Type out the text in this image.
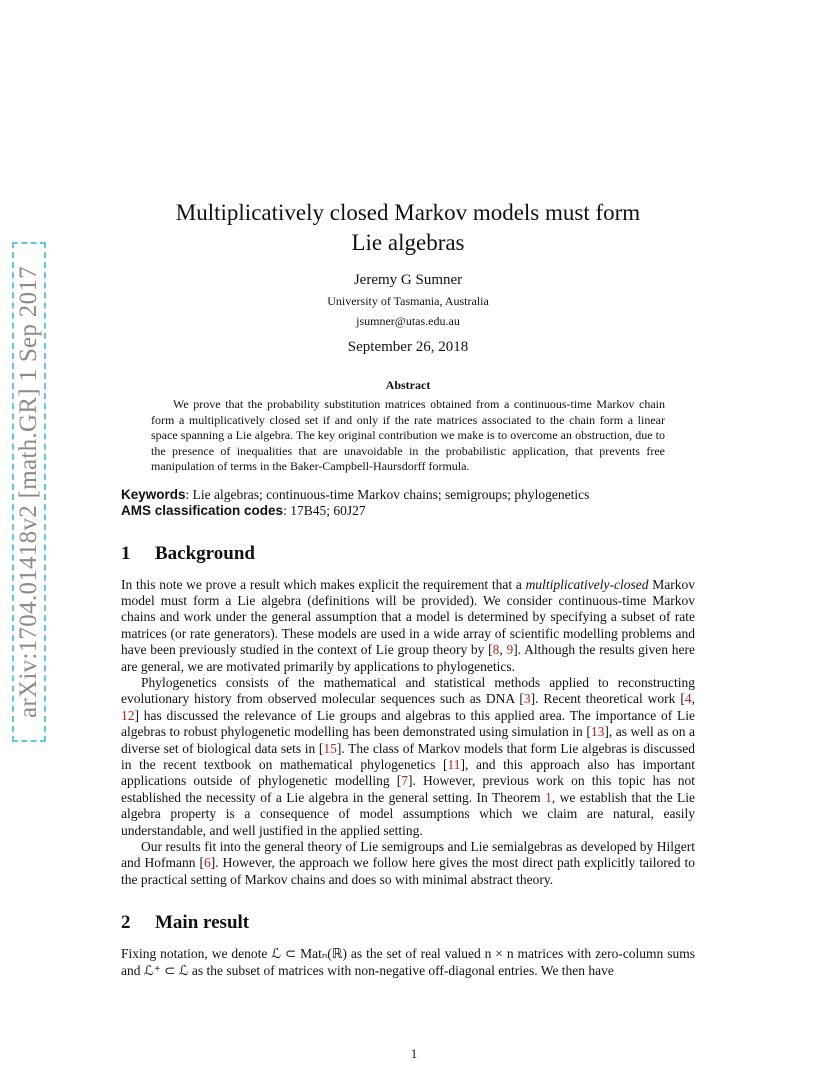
arXiv:1704.01418v2 [math.GR] 1 Sep 2017
Multiplicatively closed Markov models must form
Lie algebras
Jeremy G Sumner
University of Tasmania, Australia
jsumner@utas.edu.au
September 26, 2018
Abstract
We prove that the probability substitution matrices obtained from a continuous-time Markov chain form a multiplicatively closed set if and only if the rate matrices associated to the chain form a linear space spanning a Lie algebra. The key original contribution we make is to overcome an obstruction, due to the presence of inequalities that are unavoidable in the probabilistic application, that prevents free manipulation of terms in the Baker-Campbell-Haursdorff formula.
Keywords: Lie algebras; continuous-time Markov chains; semigroups; phylogenetics
AMS classification codes: 17B45; 60J27
1 Background

In this note we prove a result which makes explicit the requirement that a multiplicatively-closed Markov model must form a Lie algebra (definitions will be provided). We consider continuous-time Markov chains and work under the general assumption that a model is determined by specifying a subset of rate matrices (or rate generators). These models are used in a wide array of scientific modelling problems and have been previously studied in the context of Lie group theory by [8, 9]. Although the results given here are general, we are motivated primarily by applications to phylogenetics.

Phylogenetics consists of the mathematical and statistical methods applied to reconstructing evolutionary history from observed molecular sequences such as DNA [3]. Recent theoretical work [4, 12] has discussed the relevance of Lie groups and algebras to this applied area. The importance of Lie algebras to robust phylogenetic modelling has been demonstrated using simulation in [13], as well as on a diverse set of biological data sets in [15]. The class of Markov models that form Lie algebras is discussed in the recent textbook on mathematical phylogenetics [11], and this approach also has important applications outside of phylogenetic modelling [7]. However, previous work on this topic has not established the necessity of a Lie algebra in the general setting. In Theorem 1, we establish that the Lie algebra property is a consequence of model assumptions which we claim are natural, easily understandable, and well justified in the applied setting.

Our results fit into the general theory of Lie semigroups and Lie semialgebras as developed by Hilgert and Hofmann [6]. However, the approach we follow here gives the most direct path explicitly tailored to the practical setting of Markov chains and does so with minimal abstract theory.

2 Main result

Fixing notation, we denote ℒ ⊂ Matₙ(ℝ) as the set of real valued n × n matrices with zero-column sums and ℒ⁺ ⊂ ℒ as the subset of matrices with non-negative off-diagonal entries. We then have

1
